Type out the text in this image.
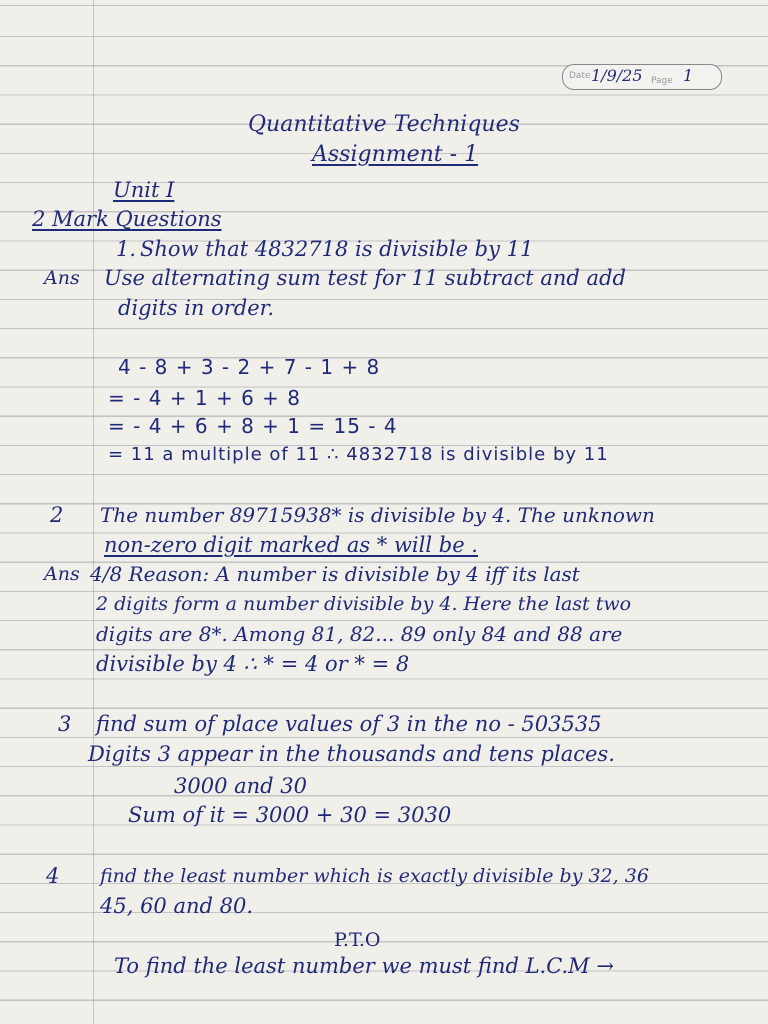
Date 1/9/25 Page 1
Quantitative Techniques
Assignment - 1
Unit I
2 Mark Questions
1. Show that 4832718 is divisible by 11
Ans Use alternating sum test for 11 subtract and add
digits in order.
4 - 8 + 3 - 2 + 7 - 1 + 8
= - 4 + 1 + 6 + 8
= - 4 + 6 + 8 + 1 = 15 - 4
= 11 a multiple of 11 ∴ 4832718 is divisible by 11
2 The number 89715938* is divisible by 4. The unknown
non-zero digit marked as * will be .
Ans 4/8 Reason: A number is divisible by 4 iff its last
2 digits form a number divisible by 4. Here the last two
digits are 8*. Among 81, 82... 89 only 84 and 88 are
divisible by 4 ∴ * = 4 or * = 8
3 find sum of place values of 3 in the no - 503535
Digits 3 appear in the thousands and tens places.
3000 and 30
Sum of it = 3000 + 30 = 3030
4 find the least number which is exactly divisible by 32, 36
45, 60 and 80.
P.T.O
To find the least number we must find L.C.M →
